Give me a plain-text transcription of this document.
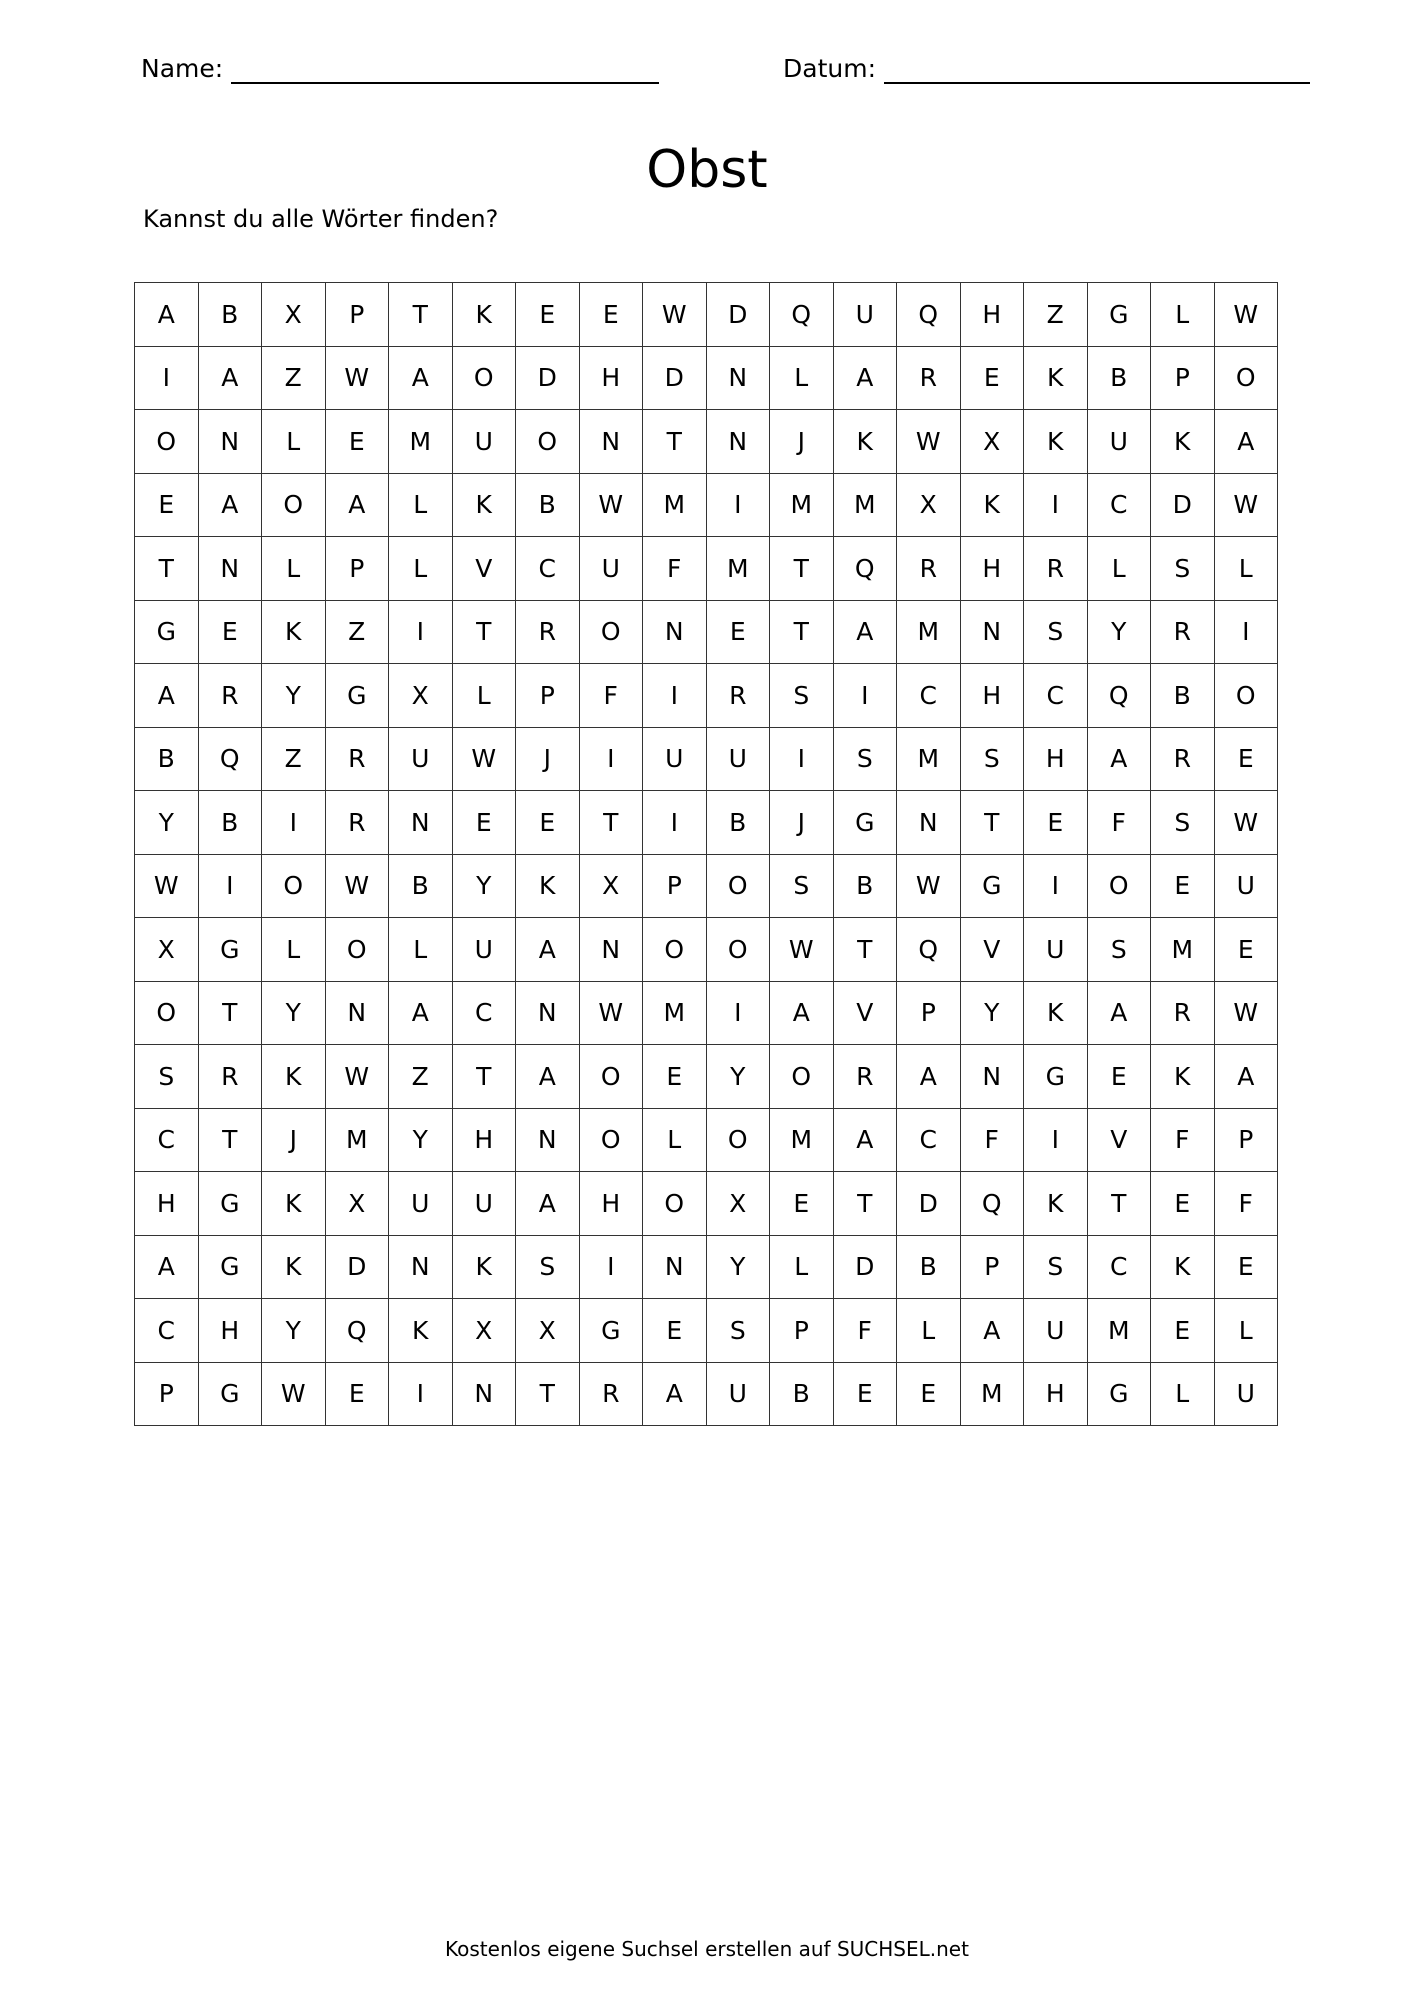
Name:	Datum:
Obst
Kannst du alle Wörter finden?
A	B	X	P	T	K	E	E	W	D	Q	U	Q	H	Z	G	L	W
I	A	Z	W	A	O	D	H	D	N	L	A	R	E	K	B	P	O
O	N	L	E	M	U	O	N	T	N	J	K	W	X	K	U	K	A
E	A	O	A	L	K	B	W	M	I	M	M	X	K	I	C	D	W
T	N	L	P	L	V	C	U	F	M	T	Q	R	H	R	L	S	L
G	E	K	Z	I	T	R	O	N	E	T	A	M	N	S	Y	R	I
A	R	Y	G	X	L	P	F	I	R	S	I	C	H	C	Q	B	O
B	Q	Z	R	U	W	J	I	U	U	I	S	M	S	H	A	R	E
Y	B	I	R	N	E	E	T	I	B	J	G	N	T	E	F	S	W
W	I	O	W	B	Y	K	X	P	O	S	B	W	G	I	O	E	U
X	G	L	O	L	U	A	N	O	O	W	T	Q	V	U	S	M	E
O	T	Y	N	A	C	N	W	M	I	A	V	P	Y	K	A	R	W
S	R	K	W	Z	T	A	O	E	Y	O	R	A	N	G	E	K	A
C	T	J	M	Y	H	N	O	L	O	M	A	C	F	I	V	F	P
H	G	K	X	U	U	A	H	O	X	E	T	D	Q	K	T	E	F
A	G	K	D	N	K	S	I	N	Y	L	D	B	P	S	C	K	E
C	H	Y	Q	K	X	X	G	E	S	P	F	L	A	U	M	E	L
P	G	W	E	I	N	T	R	A	U	B	E	E	M	H	G	L	U
Kostenlos eigene Suchsel erstellen auf SUCHSEL.net
